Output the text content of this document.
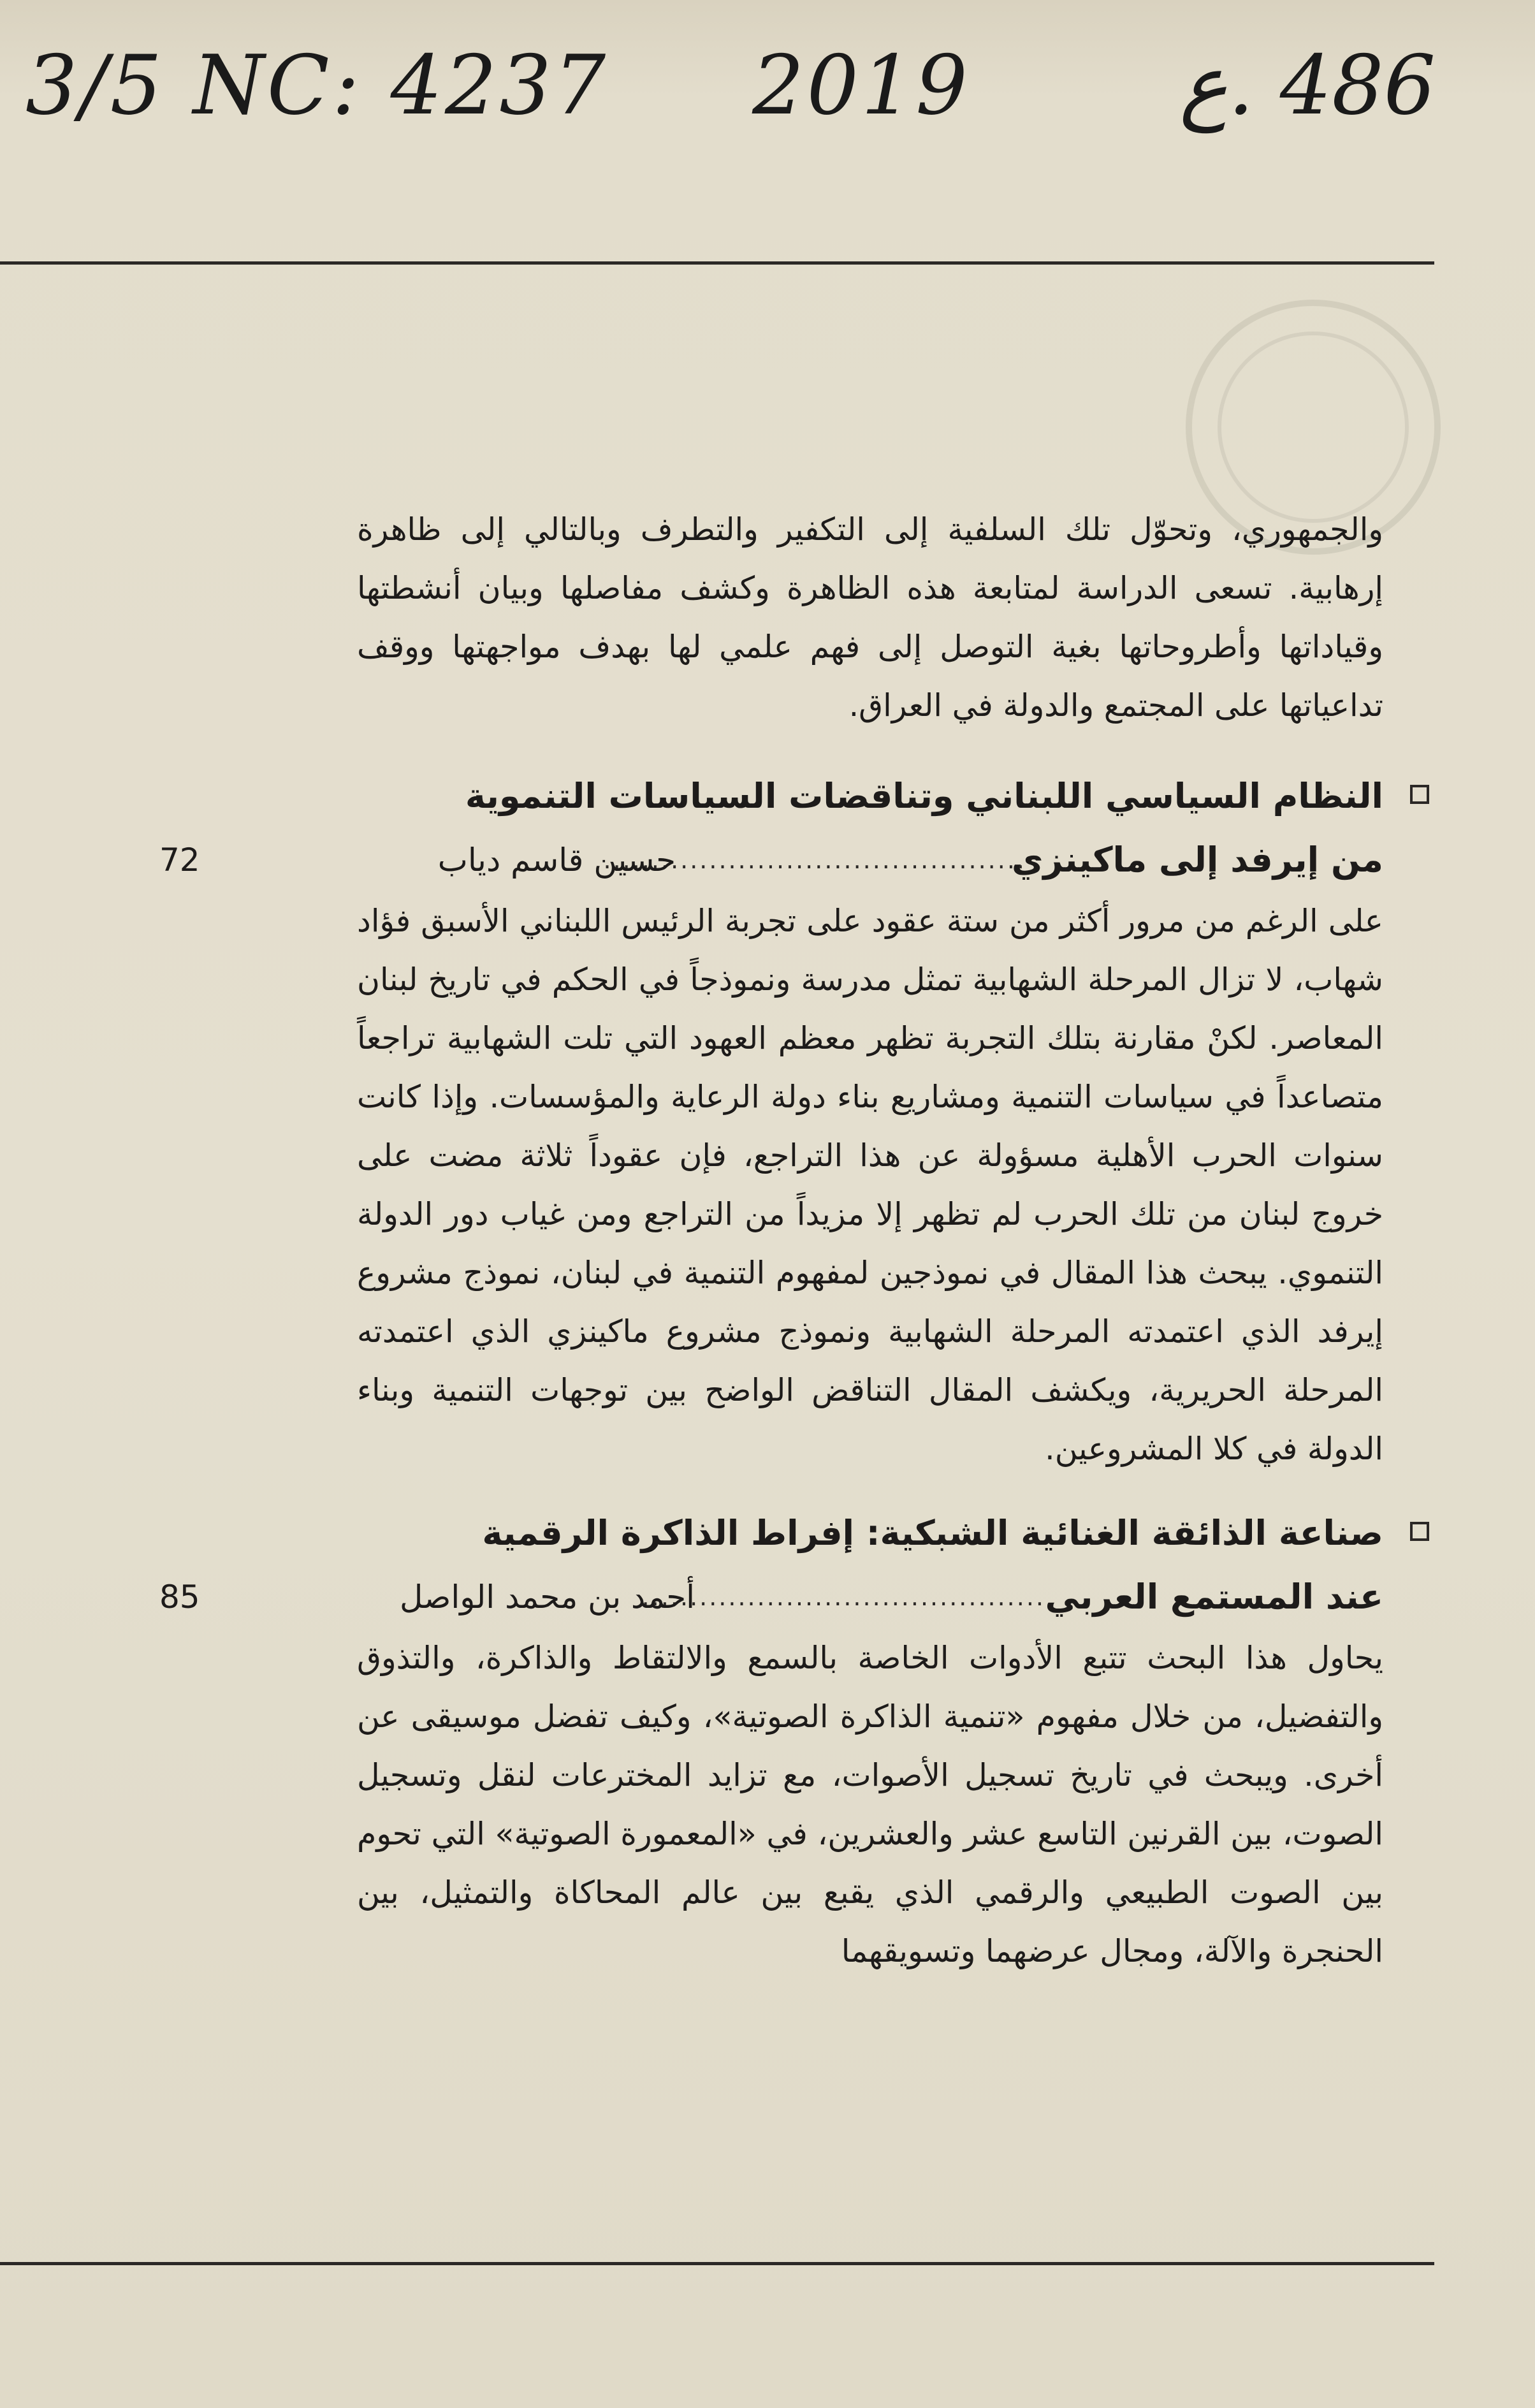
3/5 NC: 4237 2019	486 .ع

والجمهوري، وتحوّل تلك السلفية إلى التكفير والتطرف وبالتالي إلى ظاهرة إرهابية. تسعى الدراسة لمتابعة هذه الظاهرة وكشف مفاصلها وبيان أنشطتها وقياداتها وأطروحاتها بغية التوصل إلى فهم علمي لها بهدف مواجهتها ووقف تداعياتها على المجتمع والدولة في العراق.

النظام السياسي اللبناني وتناقضات السياسات التنموية

من إيرفد إلى ماكينزي
............................................
حسين قاسم دياب
72

على الرغم من مرور أكثر من ستة عقود على تجربة الرئيس اللبناني الأسبق فؤاد شهاب، لا تزال المرحلة الشهابية تمثل مدرسة ونموذجاً في الحكم في تاريخ لبنان المعاصر. لكنْ مقارنة بتلك التجربة تظهر معظم العهود التي تلت الشهابية تراجعاً متصاعداً في سياسات التنمية ومشاريع بناء دولة الرعاية والمؤسسات. وإذا كانت سنوات الحرب الأهلية مسؤولة عن هذا التراجع، فإن عقوداً ثلاثة مضت على خروج لبنان من تلك الحرب لم تظهر إلا مزيداً من التراجع ومن غياب دور الدولة التنموي. يبحث هذا المقال في نموذجين لمفهوم التنمية في لبنان، نموذج مشروع إيرفد الذي اعتمدته المرحلة الشهابية ونموذج مشروع ماكينزي الذي اعتمدته المرحلة الحريرية، ويكشف المقال التناقض الواضح بين توجهات التنمية وبناء الدولة في كلا المشروعين.

صناعة الذائقة الغنائية الشبكية: إفراط الذاكرة الرقمية

عند المستمع العربي
..........................................
أحمد بن محمد الواصل
85

يحاول هذا البحث تتبع الأدوات الخاصة بالسمع والالتقاط والذاكرة، والتذوق والتفضيل، من خلال مفهوم «تنمية الذاكرة الصوتية»، وكيف تفضل موسيقى عن أخرى. ويبحث في تاريخ تسجيل الأصوات، مع تزايد المخترعات لنقل وتسجيل الصوت، بين القرنين التاسع عشر والعشرين، في «المعمورة الصوتية» التي تحوم بين الصوت الطبيعي والرقمي الذي يقبع بين عالم المحاكاة والتمثيل، بين الحنجرة والآلة، ومجال عرضهما وتسويقهما
